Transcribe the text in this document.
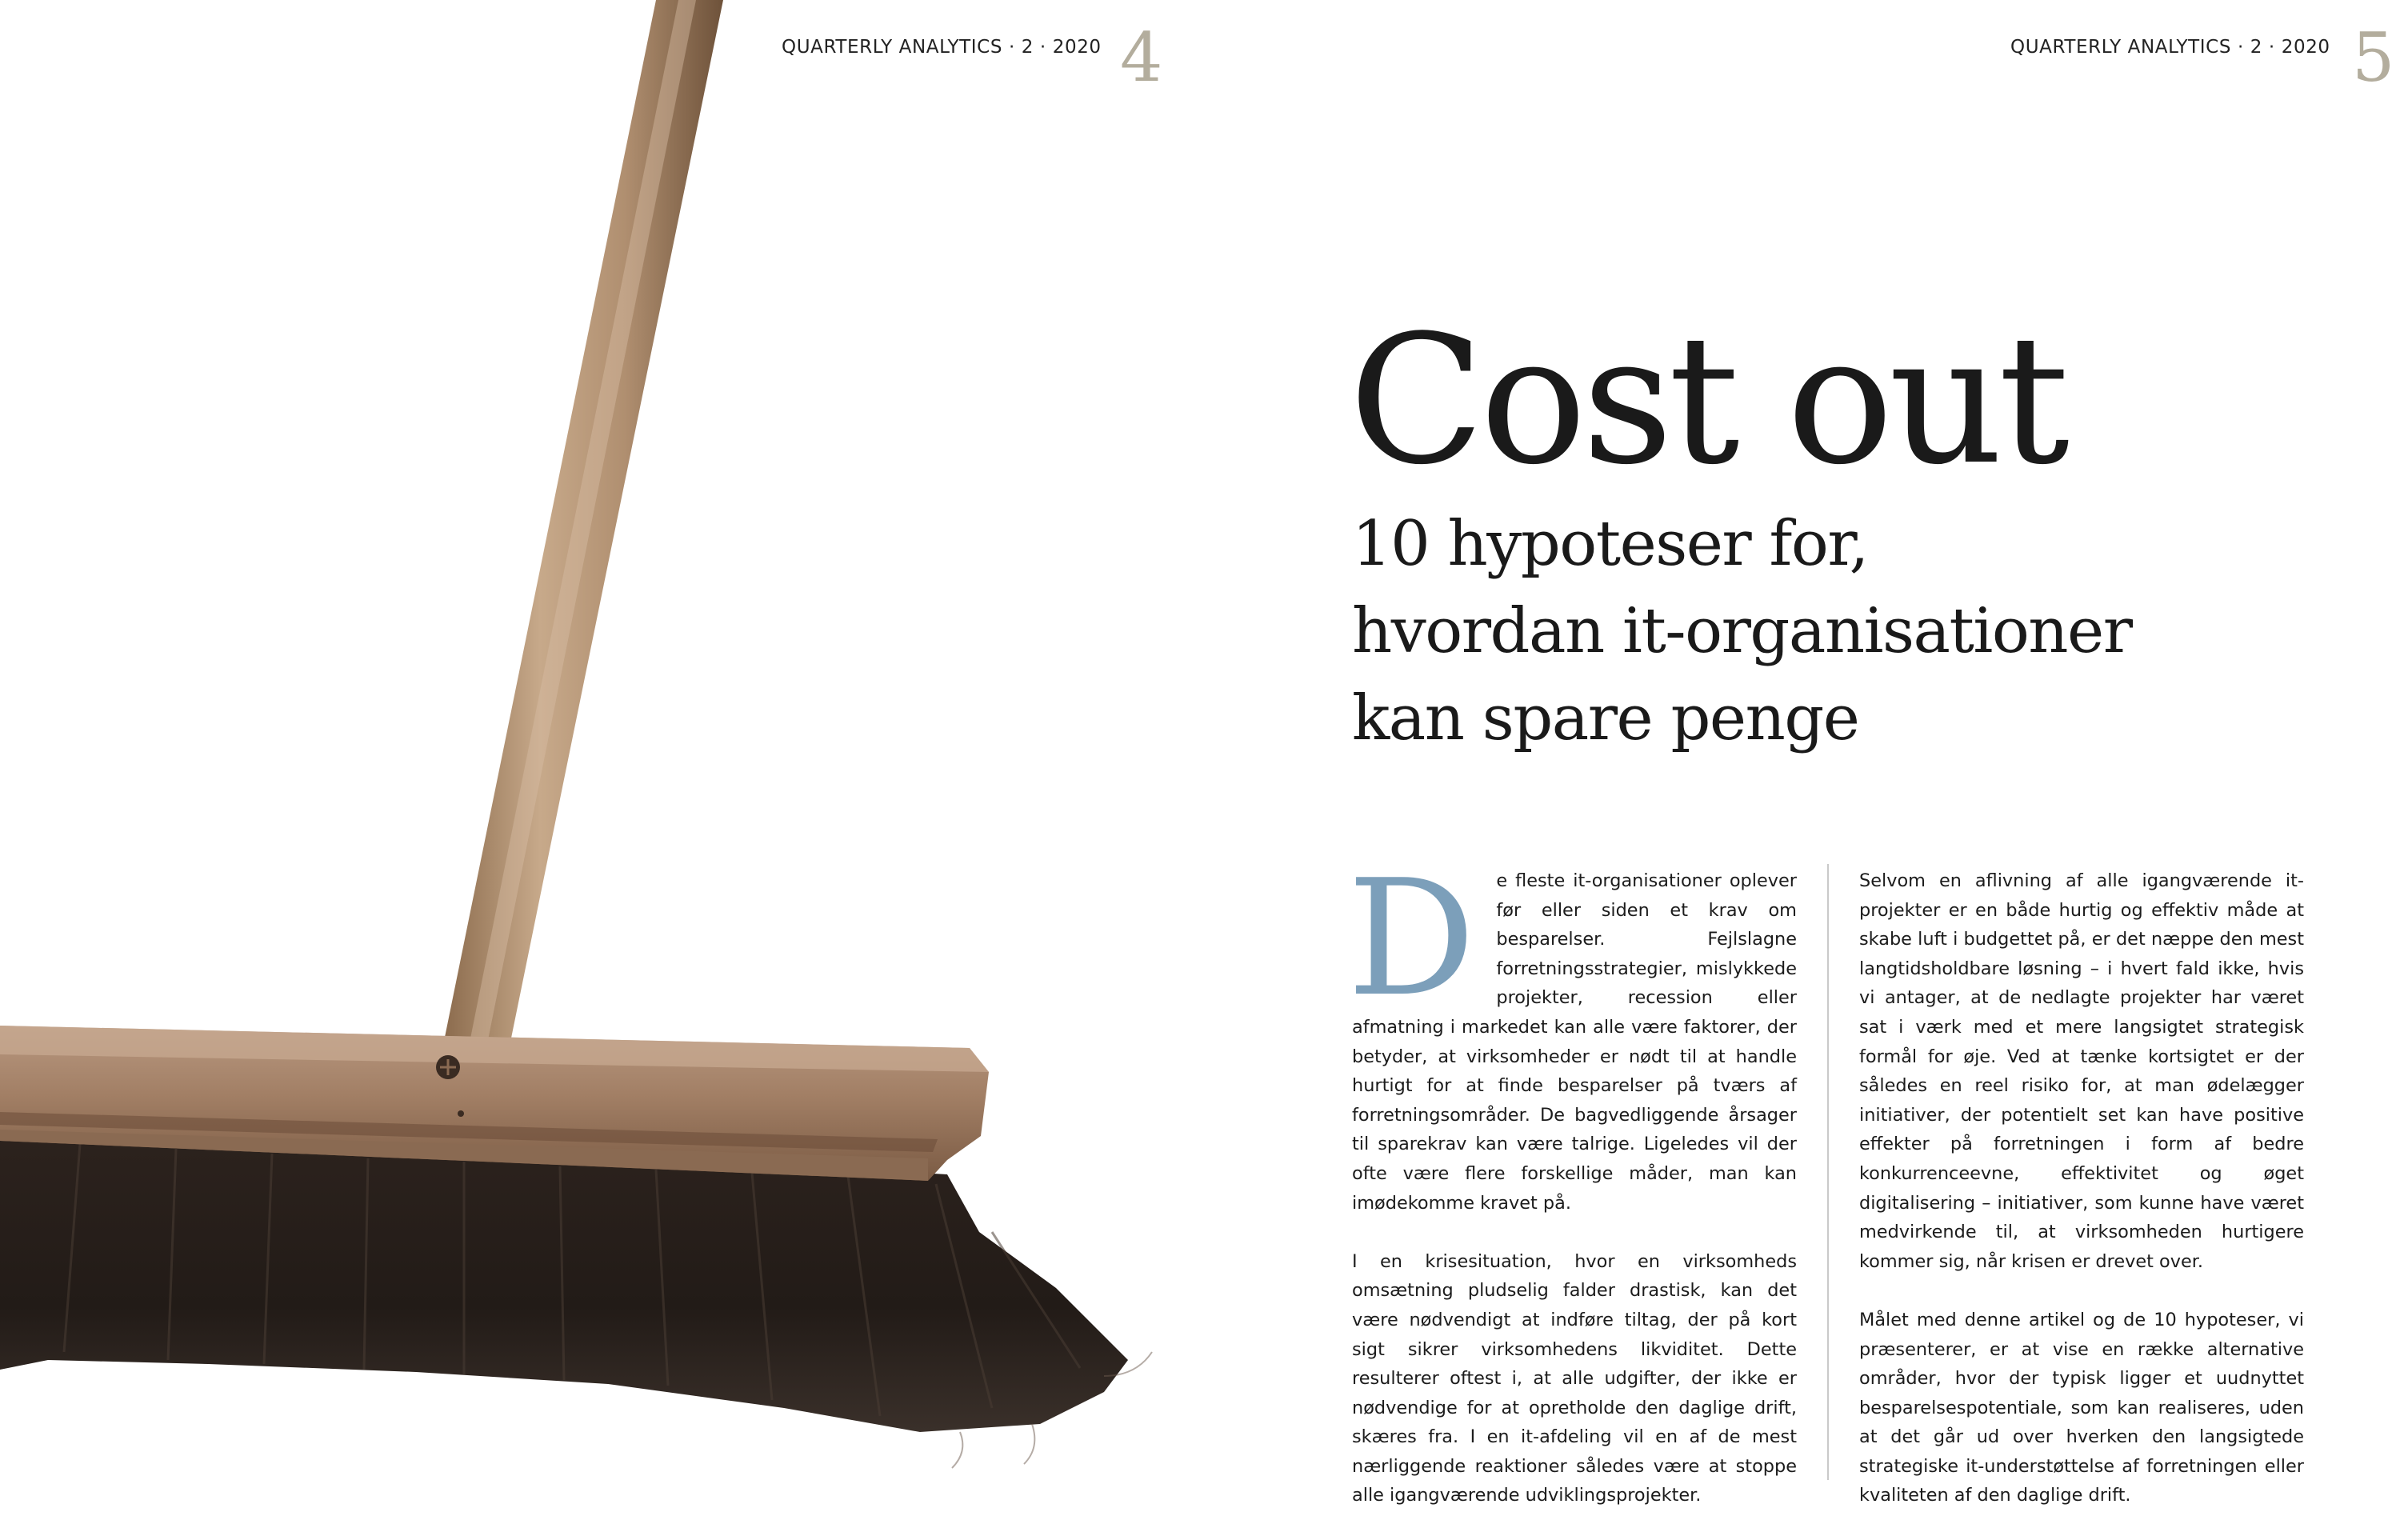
QUARTERLY ANALYTICS · 2 · 2020 4	QUARTERLY ANALYTICS · 2 · 2020 5
Cost out
10 hypoteser for,
hvordan it-organisationer
kan spare penge

D e fleste it-organisationer oplever før eller siden et krav om besparelser. Fejlslagne forretningsstrategier, mislykkede projekter, recession eller afmatning i markedet kan alle være faktorer, der betyder, at virksomheder er nødt til at handle hurtigt for at finde besparelser på tværs af forretningsområder. De bagvedliggende årsager til sparekrav kan være talrige. Ligeledes vil der ofte være flere forskellige måder, man kan imødekomme kravet på.

I en krisesituation, hvor en virksomheds omsætning pludselig falder drastisk, kan det være nødvendigt at indføre tiltag, der på kort sigt sikrer virksomhedens likviditet. Dette resulterer oftest i, at alle udgifter, der ikke er nødvendige for at opretholde den daglige drift, skæres fra. I en it-afdeling vil en af de mest nærliggende reaktioner således være at stoppe alle igangværende udviklingsprojekter.

Selvom en aflivning af alle igangværende it-projekter er en både hurtig og effektiv måde at skabe luft i budgettet på, er det næppe den mest langtidsholdbare løsning – i hvert fald ikke, hvis vi antager, at de nedlagte projekter har været sat i værk med et mere langsigtet strategisk formål for øje. Ved at tænke kortsigtet er der således en reel risiko for, at man ødelægger initiativer, der potentielt set kan have positive effekter på forretningen i form af bedre konkurrenceevne, effektivitet og øget digitalisering – initiativer, som kunne have været medvirkende til, at virksomheden hurtigere kommer sig, når krisen er drevet over.

Målet med denne artikel og de 10 hypoteser, vi præsenterer, er at vise en række alternative områder, hvor der typisk ligger et uudnyttet besparelsespotentiale, som kan realiseres, uden at det går ud over hverken den langsigtede strategiske it-understøttelse af forretningen eller kvaliteten af den daglige drift.
